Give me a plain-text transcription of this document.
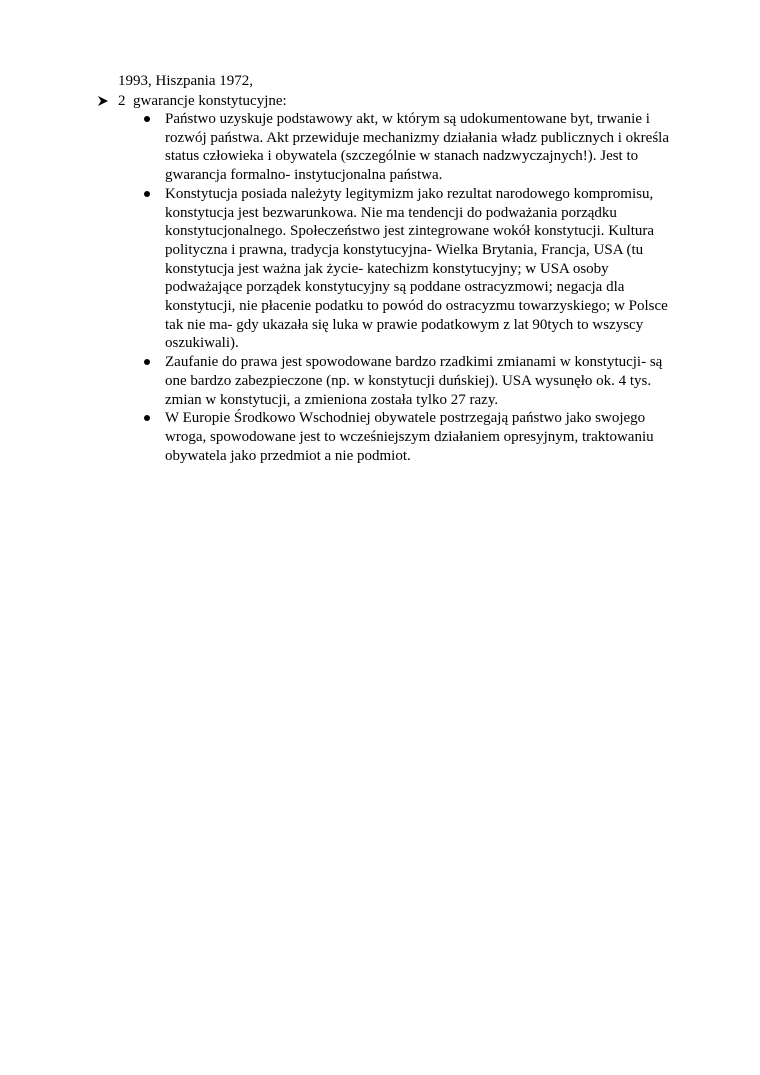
1993, Hiszpania 1972,
2 gwarancje konstytucyjne:
Państwo uzyskuje podstawowy akt, w którym są udokumentowane byt, trwanie i rozwój państwa. Akt przewiduje mechanizmy działania władz publicznych i określa status człowieka i obywatela (szczególnie w stanach nadzwyczajnych!). Jest to gwarancja formalno- instytucjonalna państwa.
Konstytucja posiada należyty legitymizm jako rezultat narodowego kompromisu, konstytucja jest bezwarunkowa. Nie ma tendencji do podważania porządku konstytucjonalnego. Społeczeństwo jest zintegrowane wokół konstytucji. Kultura polityczna i prawna, tradycja konstytucyjna- Wielka Brytania, Francja, USA (tu konstytucja jest ważna jak życie- katechizm konstytucyjny; w USA osoby podważające porządek konstytucyjny są poddane ostracyzmowi; negacja dla konstytucji, nie płacenie podatku to powód do ostracyzmu towarzyskiego; w Polsce tak nie ma- gdy ukazała się luka w prawie podatkowym z lat 90tych to wszyscy oszukiwali).
Zaufanie do prawa jest spowodowane bardzo rzadkimi zmianami w konstytucji- są one bardzo zabezpieczone (np. w konstytucji duńskiej). USA wysunęło ok. 4 tys. zmian w konstytucji, a zmieniona została tylko 27 razy.
W Europie Środkowo Wschodniej obywatele postrzegają państwo jako swojego wroga, spowodowane jest to wcześniejszym działaniem opresyjnym, traktowaniu obywatela jako przedmiot a nie podmiot.
